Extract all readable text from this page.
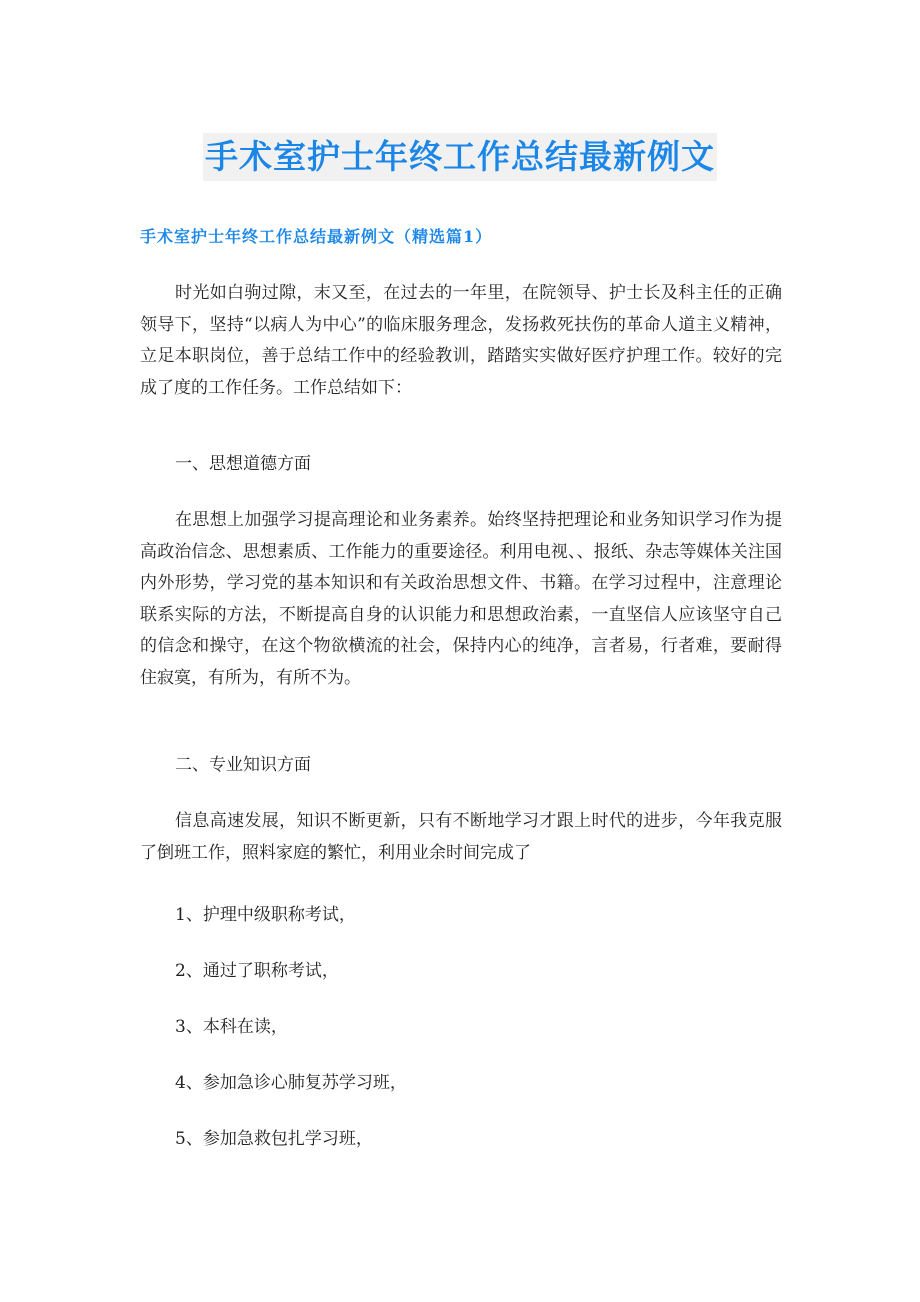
手术室护士年终工作总结最新例文
手术室护士年终工作总结最新例文（精选篇1）

时光如白驹过隙，末又至，在过去的一年里，在院领导、护士长及科主任的正确领导下，坚持“以病人为中心”的临床服务理念，发扬救死扶伤的革命人道主义精神，立足本职岗位，善于总结工作中的经验教训，踏踏实实做好医疗护理工作。较好的完成了度的工作任务。工作总结如下：

一、思想道德方面

在思想上加强学习提高理论和业务素养。始终坚持把理论和业务知识学习作为提高政治信念、思想素质、工作能力的重要途径。利用电视、、报纸、杂志等媒体关注国内外形势，学习党的基本知识和有关政治思想文件、书籍。在学习过程中，注意理论联系实际的方法，不断提高自身的认识能力和思想政治素，一直坚信人应该坚守自己的信念和操守，在这个物欲横流的社会，保持内心的纯净，言者易，行者难，要耐得住寂寞，有所为，有所不为。

二、专业知识方面

信息高速发展，知识不断更新，只有不断地学习才跟上时代的进步，今年我克服了倒班工作，照料家庭的繁忙，利用业余时间完成了

1、护理中级职称考试，

2、通过了职称考试，

3、本科在读，

4、参加急诊心肺复苏学习班，

5、参加急救包扎学习班，
